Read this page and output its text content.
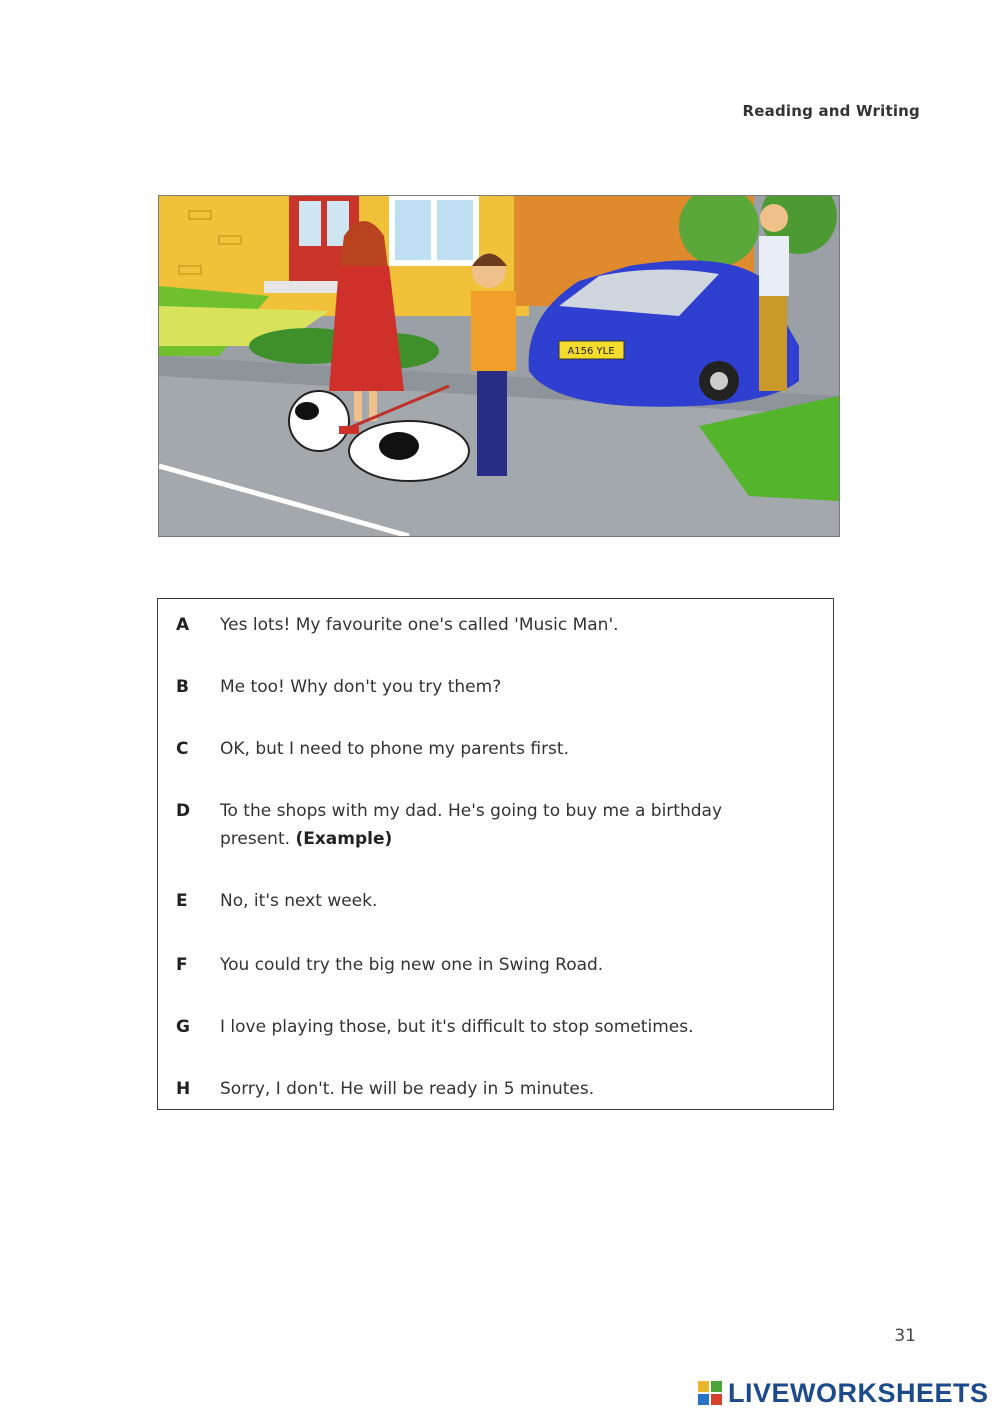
Reading and Writing
A156 YLE
A Yes lots! My favourite one's called 'Music Man'.
B Me too! Why don't you try them?
C OK, but I need to phone my parents first.
D To the shops with my dad. He's going to buy me a birthday present. (Example)
E No, it's next week.
F You could try the big new one in Swing Road.
G I love playing those, but it's difficult to stop sometimes.
H Sorry, I don't. He will be ready in 5 minutes.
31
LIVEWORKSHEETS
